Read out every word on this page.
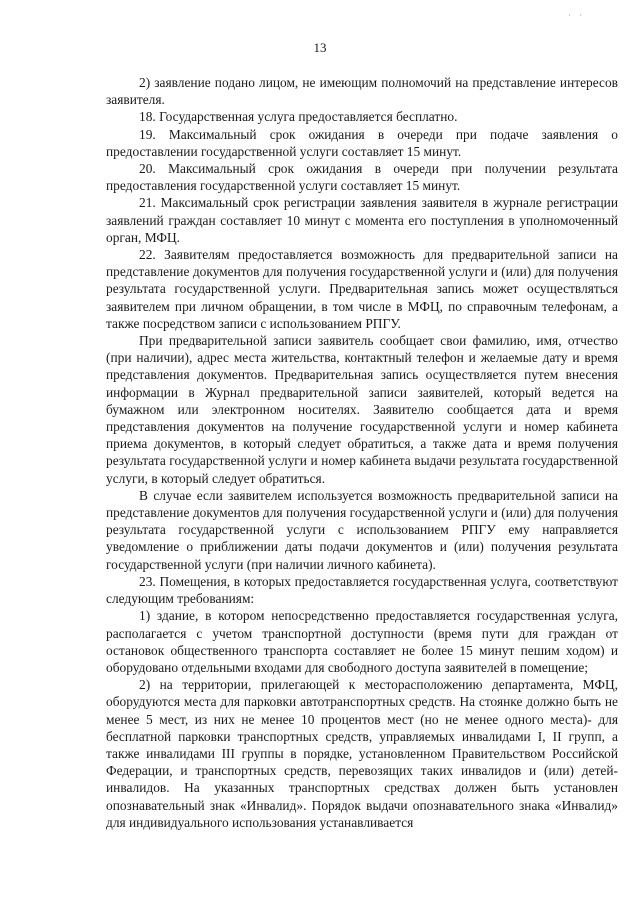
· ·
13

2) заявление подано лицом, не имеющим полномочий на представление интересов заявителя.

18. Государственная услуга предоставляется бесплатно.

19. Максимальный срок ожидания в очереди при подаче заявления о предоставлении государственной услуги составляет 15 минут.

20. Максимальный срок ожидания в очереди при получении результата предоставления государственной услуги составляет 15 минут.

21. Максимальный срок регистрации заявления заявителя в журнале регистрации заявлений граждан составляет 10 минут с момента его поступления в уполномоченный орган, МФЦ.

22. Заявителям предоставляется возможность для предварительной записи на представление документов для получения государственной услуги и (или) для получения результата государственной услуги. Предварительная запись может осуществляться заявителем при личном обращении, в том числе в МФЦ, по справочным телефонам, а также посредством записи с использованием РПГУ.

При предварительной записи заявитель сообщает свои фамилию, имя, отчество (при наличии), адрес места жительства, контактный телефон и желаемые дату и время представления документов. Предварительная запись осуществляется путем внесения информации в Журнал предварительной записи заявителей, который ведется на бумажном или электронном носителях. Заявителю сообщается дата и время представления документов на получение государственной услуги и номер кабинета приема документов, в который следует обратиться, а также дата и время получения результата государственной услуги и номер кабинета выдачи результата государственной услуги, в который следует обратиться.

В случае если заявителем используется возможность предварительной записи на представление документов для получения государственной услуги и (или) для получения результата государственной услуги с использованием РПГУ ему направляется уведомление о приближении даты подачи документов и (или) получения результата государственной услуги (при наличии личного кабинета).

23. Помещения, в которых предоставляется государственная услуга, соответствуют следующим требованиям:

1) здание, в котором непосредственно предоставляется государственная услуга, располагается с учетом транспортной доступности (время пути для граждан от остановок общественного транспорта составляет не более 15 минут пешим ходом) и оборудовано отдельными входами для свободного доступа заявителей в помещение;

2) на территории, прилегающей к месторасположению департамента, МФЦ, оборудуются места для парковки автотранспортных средств. На стоянке должно быть не менее 5 мест, из них не менее 10 процентов мест (но не менее одного места)- для бесплатной парковки транспортных средств, управляемых инвалидами I, II групп, а также инвалидами III группы в порядке, установленном Правительством Российской Федерации, и транспортных средств, перевозящих таких инвалидов и (или) детей-инвалидов. На указанных транспортных средствах должен быть установлен опознавательный знак «Инвалид». Порядок выдачи опознавательного знака «Инвалид» для индивидуального использования устанавливается
